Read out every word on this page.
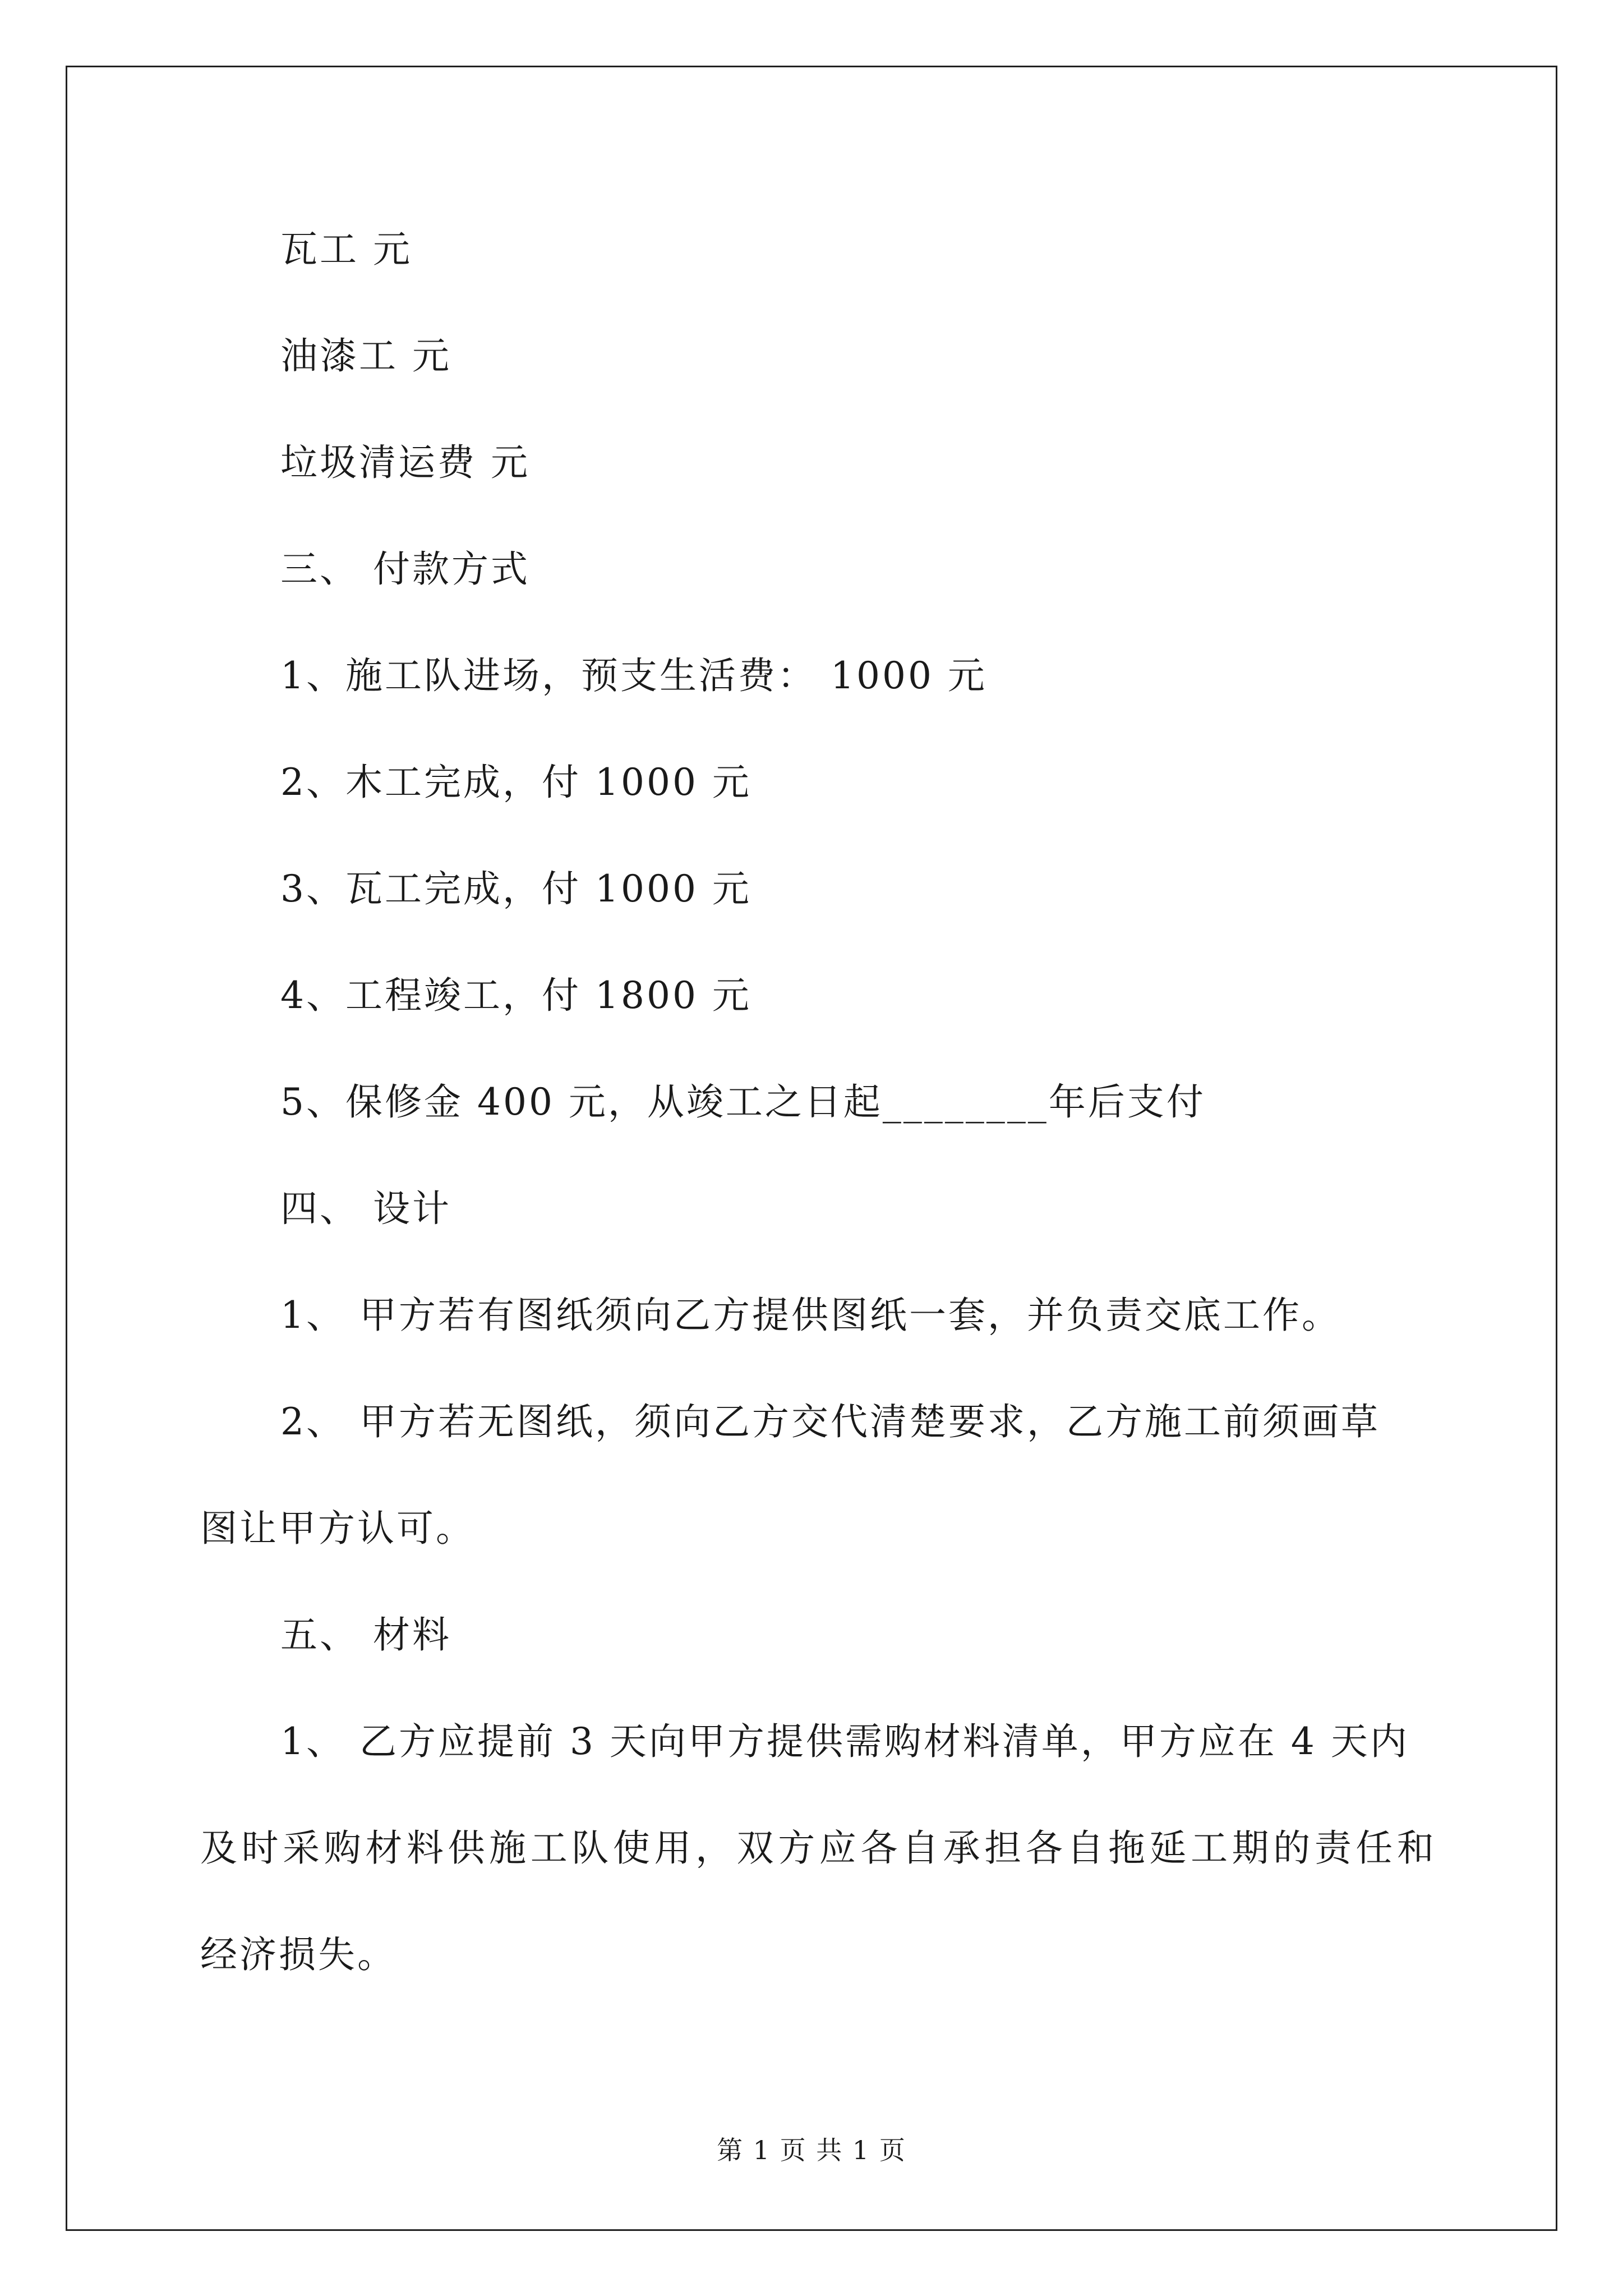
瓦工 元
油漆工 元
垃圾清运费 元
三、 付款方式
1、施工队进场，预支生活费： 1000 元
2、木工完成，付 1000 元
3、瓦工完成，付 1000 元
4、工程竣工，付 1800 元
5、保修金 400 元，从竣工之日起________年后支付
四、 设计
1、 甲方若有图纸须向乙方提供图纸一套，并负责交底工作。
2、 甲方若无图纸，须向乙方交代清楚要求，乙方施工前须画草
图让甲方认可。
五、 材料
1、 乙方应提前 3 天向甲方提供需购材料清单，甲方应在 4 天内
及时采购材料供施工队使用，双方应各自承担各自拖延工期的责任和
经济损失。
第 1 页 共 1 页
